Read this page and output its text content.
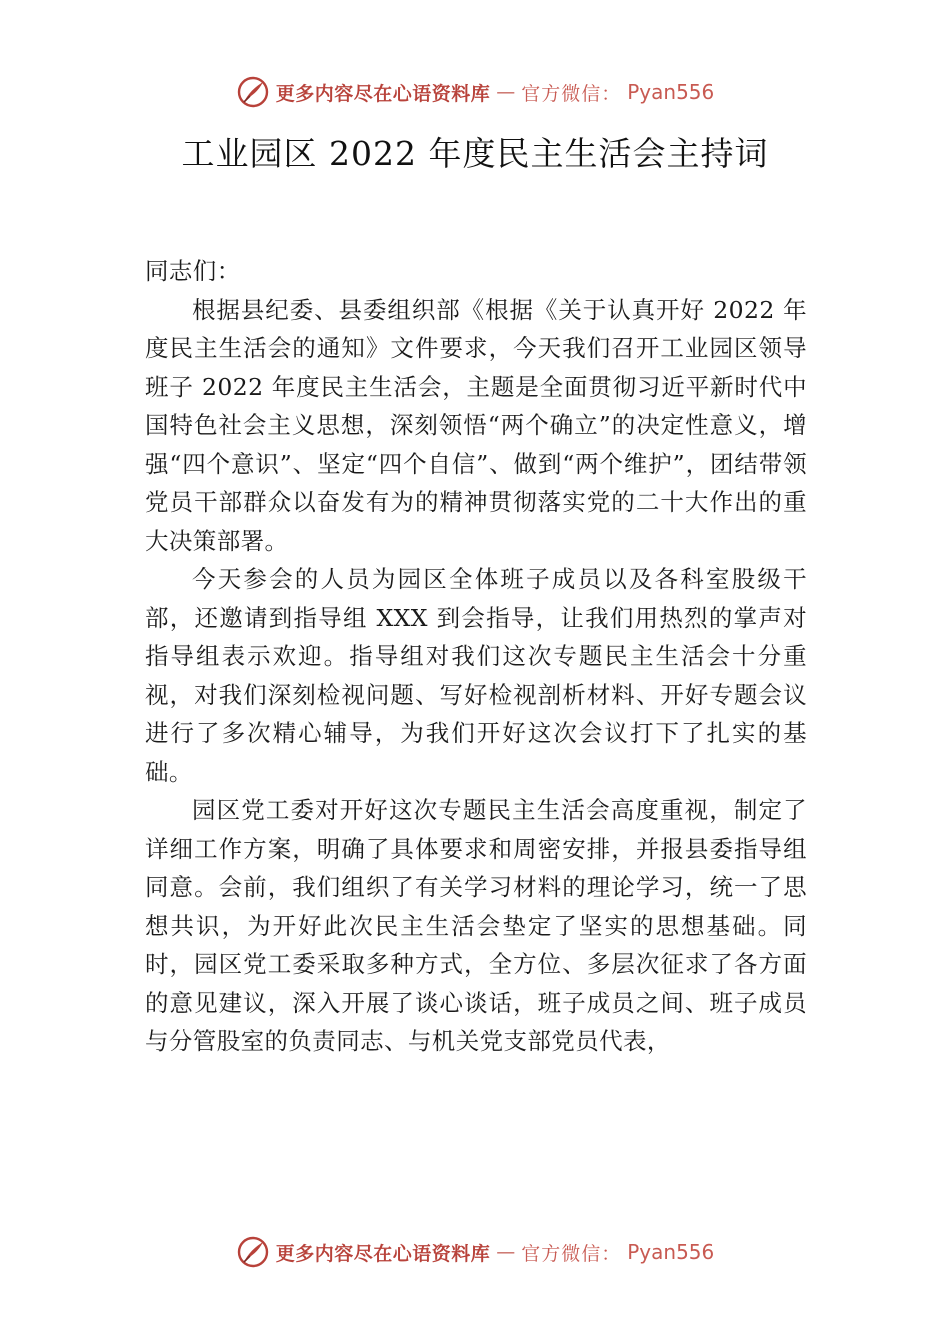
更多内容尽在心语资料库 — 官方微信： Pyan556
工业园区 2022 年度民主生活会主持词

同志们：

根据县纪委、县委组织部《根据《关于认真开好 2022 年度民主生活会的通知》文件要求，今天我们召开工业园区领导班子 2022 年度民主生活会，主题是全面贯彻习近平新时代中国特色社会主义思想，深刻领悟“两个确立”的决定性意义，增强“四个意识”、坚定“四个自信”、做到“两个维护”，团结带领党员干部群众以奋发有为的精神贯彻落实党的二十大作出的重大决策部署。

今天参会的人员为园区全体班子成员以及各科室股级干部，还邀请到指导组 XXX 到会指导，让我们用热烈的掌声对指导组表示欢迎。指导组对我们这次专题民主生活会十分重视，对我们深刻检视问题、写好检视剖析材料、开好专题会议进行了多次精心辅导，为我们开好这次会议打下了扎实的基础。

园区党工委对开好这次专题民主生活会高度重视，制定了详细工作方案，明确了具体要求和周密安排，并报县委指导组同意。会前，我们组织了有关学习材料的理论学习，统一了思想共识，为开好此次民主生活会垫定了坚实的思想基础。同时，园区党工委采取多种方式，全方位、多层次征求了各方面的意见建议，深入开展了谈心谈话，班子成员之间、班子成员与分管股室的负责同志、与机关党支部党员代表，

更多内容尽在心语资料库 — 官方微信： Pyan556
